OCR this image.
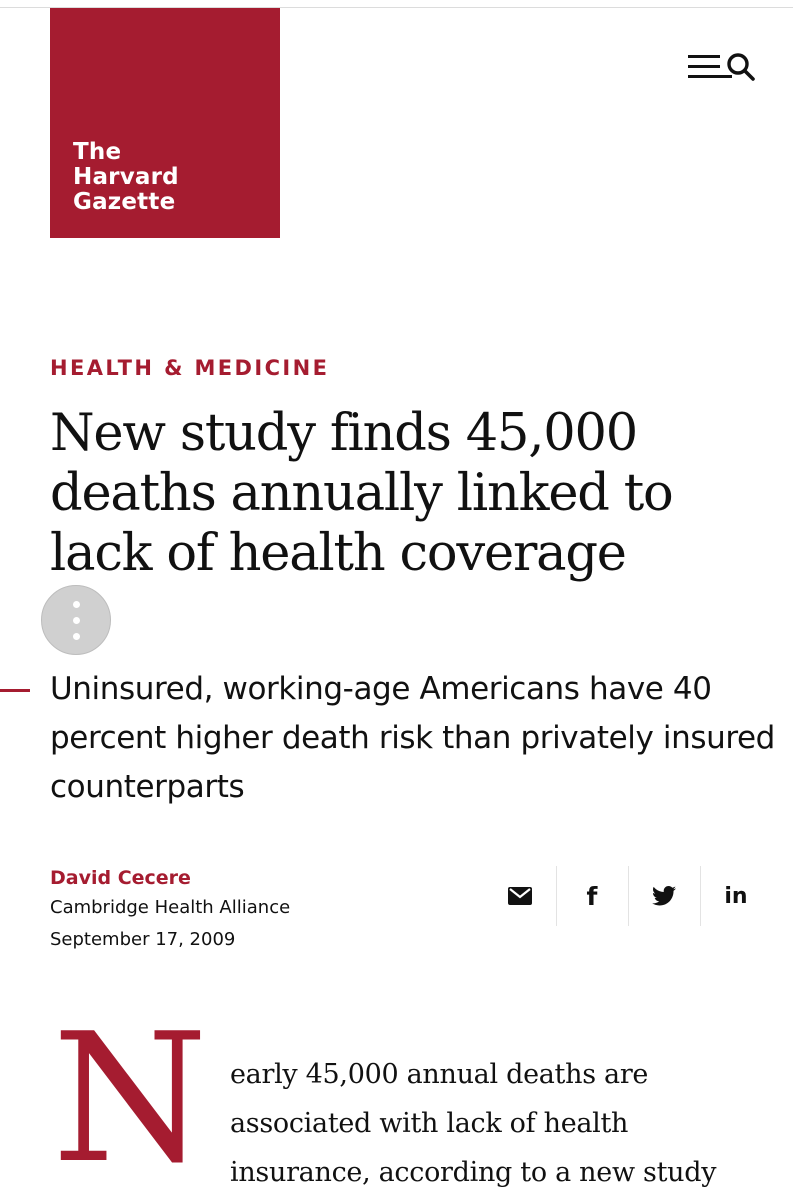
The
Harvard
Gazette
HEALTH & MEDICINE
New study finds 45,000 deaths annually linked to lack of health coverage

Uninsured, working-age Americans have 40 percent higher death risk than privately insured counterparts

David Cecere
Cambridge Health Alliance
September 17, 2009
f	in
N early 45,000 annual deaths are
associated with lack of health
insurance, according to a new study
